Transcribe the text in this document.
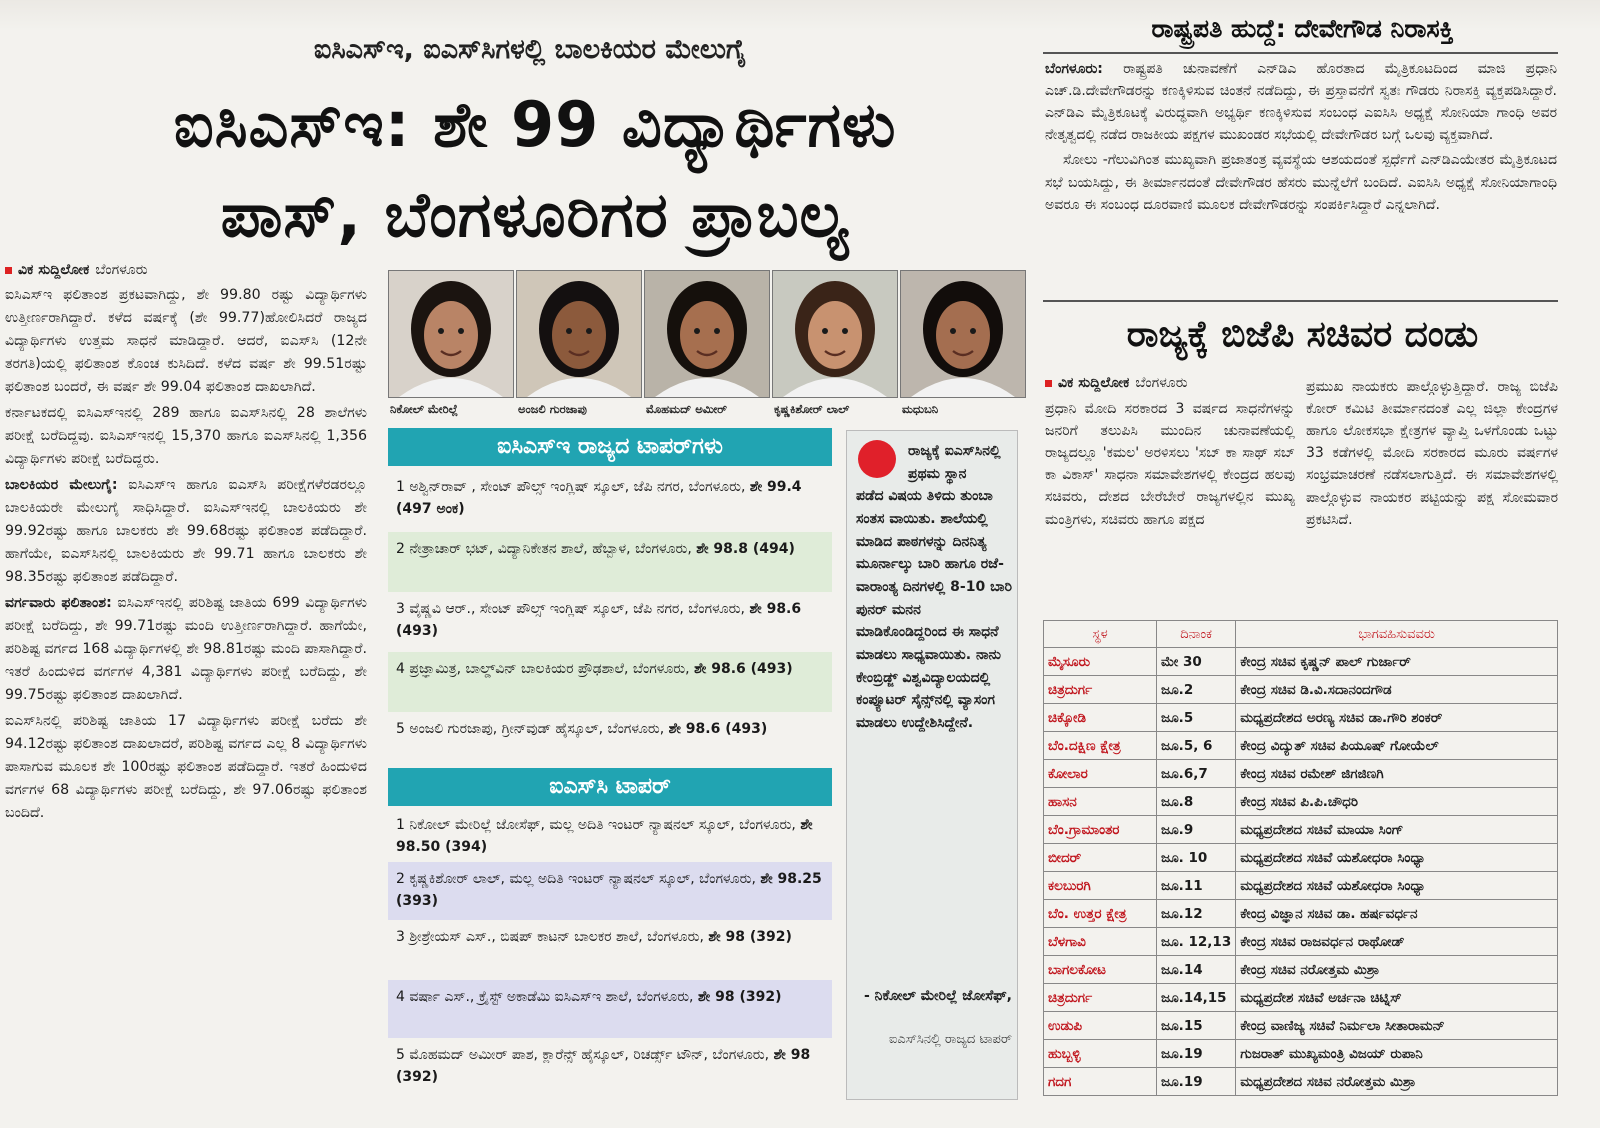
ಐಸಿಎಸ್‌ಇ, ಐಎಸ್‌ಸಿಗಳಲ್ಲಿ ಬಾಲಕಿಯರ ಮೇಲುಗೈ
ಐಸಿಎಸ್‌ಇ: ಶೇ 99 ವಿದ್ಯಾರ್ಥಿಗಳು
ಪಾಸ್, ಬೆಂಗಳೂರಿಗರ ಪ್ರಾಬಲ್ಯ
ವಿಕ ಸುದ್ದಿಲೋಕ ಬೆಂಗಳೂರು

ಐಸಿಎಸ್‌ಇ ಫಲಿತಾಂಶ ಪ್ರಕಟವಾಗಿದ್ದು, ಶೇ 99.80 ರಷ್ಟು ವಿದ್ಯಾರ್ಥಿಗಳು ಉತ್ತೀರ್ಣರಾಗಿದ್ದಾರೆ. ಕಳೆದ ವರ್ಷಕ್ಕೆ (ಶೇ 99.77)ಹೋಲಿಸಿದರೆ ರಾಜ್ಯದ ವಿದ್ಯಾರ್ಥಿಗಳು ಉತ್ತಮ ಸಾಧನೆ ಮಾಡಿದ್ದಾರೆ. ಆದರೆ, ಐಎಸ್‌ಸಿ (12ನೇ ತರಗತಿ)ಯಲ್ಲಿ ಫಲಿತಾಂಶ ಕೊಂಚ ಕುಸಿದಿದೆ. ಕಳೆದ ವರ್ಷ ಶೇ 99.51ರಷ್ಟು ಫಲಿತಾಂಶ ಬಂದರೆ, ಈ ವರ್ಷ ಶೇ 99.04 ಫಲಿತಾಂಶ ದಾಖಲಾಗಿದೆ.

ಕರ್ನಾಟಕದಲ್ಲಿ ಐಸಿಎಸ್‌ಇನಲ್ಲಿ 289 ಹಾಗೂ ಐಎಸ್‌ಸಿನಲ್ಲಿ 28 ಶಾಲೆಗಳು ಪರೀಕ್ಷೆ ಬರೆದಿದ್ದವು. ಐಸಿಎಸ್‌ಇನಲ್ಲಿ 15,370 ಹಾಗೂ ಐಎಸ್‌ಸಿನಲ್ಲಿ 1,356 ವಿದ್ಯಾರ್ಥಿಗಳು ಪರೀಕ್ಷೆ ಬರೆದಿದ್ದರು.

ಬಾಲಕಿಯರ ಮೇಲುಗೈ: ಐಸಿಎಸ್‌ಇ ಹಾಗೂ ಐಎಸ್‌ಸಿ ಪರೀಕ್ಷೆಗಳೆರಡರಲ್ಲೂ ಬಾಲಕಿಯರೇ ಮೇಲುಗೈ ಸಾಧಿಸಿದ್ದಾರೆ. ಐಸಿಎಸ್‌ಇನಲ್ಲಿ ಬಾಲಕಿಯರು ಶೇ 99.92ರಷ್ಟು ಹಾಗೂ ಬಾಲಕರು ಶೇ 99.68ರಷ್ಟು ಫಲಿತಾಂಶ ಪಡೆದಿದ್ದಾರೆ. ಹಾಗೆಯೇ, ಐಎಸ್‌ಸಿನಲ್ಲಿ ಬಾಲಕಿಯರು ಶೇ 99.71 ಹಾಗೂ ಬಾಲಕರು ಶೇ 98.35ರಷ್ಟು ಫಲಿತಾಂಶ ಪಡೆದಿದ್ದಾರೆ.

ವರ್ಗವಾರು ಫಲಿತಾಂಶ: ಐಸಿಎಸ್‌ಇನಲ್ಲಿ ಪರಿಶಿಷ್ಟ ಜಾತಿಯ 699 ವಿದ್ಯಾರ್ಥಿಗಳು ಪರೀಕ್ಷೆ ಬರೆದಿದ್ದು, ಶೇ 99.71ರಷ್ಟು ಮಂದಿ ಉತ್ತೀರ್ಣರಾಗಿದ್ದಾರೆ. ಹಾಗೆಯೇ, ಪರಿಶಿಷ್ಟ ವರ್ಗದ 168 ವಿದ್ಯಾರ್ಥಿಗಳಲ್ಲಿ ಶೇ 98.81ರಷ್ಟು ಮಂದಿ ಪಾಸಾಗಿದ್ದಾರೆ. ಇತರೆ ಹಿಂದುಳಿದ ವರ್ಗಗಳ 4,381 ವಿದ್ಯಾರ್ಥಿಗಳು ಪರೀಕ್ಷೆ ಬರೆದಿದ್ದು, ಶೇ 99.75ರಷ್ಟು ಫಲಿತಾಂಶ ದಾಖಲಾಗಿದೆ.

ಐಎಸ್‌ಸಿನಲ್ಲಿ ಪರಿಶಿಷ್ಟ ಜಾತಿಯ 17 ವಿದ್ಯಾರ್ಥಿಗಳು ಪರೀಕ್ಷೆ ಬರೆದು ಶೇ 94.12ರಷ್ಟು ಫಲಿತಾಂಶ ದಾಖಲಾದರೆ, ಪರಿಶಿಷ್ಟ ವರ್ಗದ ಎಲ್ಲ 8 ವಿದ್ಯಾರ್ಥಿಗಳು ಪಾಸಾಗುವ ಮೂಲಕ ಶೇ 100ರಷ್ಟು ಫಲಿತಾಂಶ ಪಡೆದಿದ್ದಾರೆ. ಇತರೆ ಹಿಂದುಳಿದ ವರ್ಗಗಳ 68 ವಿದ್ಯಾರ್ಥಿಗಳು ಪರೀಕ್ಷೆ ಬರೆದಿದ್ದು, ಶೇ 97.06ರಷ್ಟು ಫಲಿತಾಂಶ ಬಂದಿದೆ.

ನಿಕೋಲ್ ಮೇರಿಲ್ಲೆ	ಅಂಜಲಿ ಗುರಜಾಪು	ಮೊಹಮದ್ ಅಮೀರ್	ಕೃಷ್ಣಕಿಶೋರ್ ಲಾಲ್	ಮಧುಬನಿ
ಐಸಿಎಸ್‌ಇ ರಾಜ್ಯದ ಟಾಪರ್‌ಗಳು
1 ಅಶ್ವಿನ್‌ರಾವ್ , ಸೇಂಟ್ ಪೌಲ್ಸ್ ಇಂಗ್ಲಿಷ್ ಸ್ಕೂಲ್, ಜೆಪಿ ನಗರ, ಬೆಂಗಳೂರು, ಶೇ 99.4 (497 ಅಂಕ)
2 ನೇತ್ರಾಚಾರ್ ಭಟ್, ವಿದ್ಯಾನಿಕೇತನ ಶಾಲೆ, ಹೆಬ್ಬಾಳ, ಬೆಂಗಳೂರು, ಶೇ 98.8 (494)
3 ವೈಷ್ಣವಿ ಆರ್., ಸೇಂಟ್ ಪೌಲ್ಸ್ ಇಂಗ್ಲಿಷ್ ಸ್ಕೂಲ್, ಜೆಪಿ ನಗರ, ಬೆಂಗಳೂರು, ಶೇ 98.6 (493)
4 ಪ್ರಜ್ಞಾಮಿತ್ರ, ಬಾಲ್ಡ್‌ವಿನ್ ಬಾಲಕಿಯರ ಪ್ರೌಢಶಾಲೆ, ಬೆಂಗಳೂರು, ಶೇ 98.6 (493)
5 ಅಂಜಲಿ ಗುರಜಾಪು, ಗ್ರೀನ್‌ವುಡ್ ಹೈಸ್ಕೂಲ್, ಬೆಂಗಳೂರು, ಶೇ 98.6 (493)
ಐಎಸ್‌ಸಿ ಟಾಪರ್
1 ನಿಕೋಲ್ ಮೇರಿಲ್ಲೆ ಜೋಸೆಫ್, ಮಲ್ಲ ಅದಿತಿ ಇಂಟರ್ ನ್ಯಾಷನಲ್ ಸ್ಕೂಲ್, ಬೆಂಗಳೂರು, ಶೇ 98.50 (394)
2 ಕೃಷ್ಣಕಿಶೋರ್ ಲಾಲ್, ಮಲ್ಲ ಅದಿತಿ ಇಂಟರ್ ನ್ಯಾಷನಲ್ ಸ್ಕೂಲ್, ಬೆಂಗಳೂರು, ಶೇ 98.25 (393)
3 ಶ್ರೀಶ್ರೇಯಸ್ ಎಸ್., ಬಿಷಪ್ ಕಾಟನ್ ಬಾಲಕರ ಶಾಲೆ, ಬೆಂಗಳೂರು, ಶೇ 98 (392)
4 ವರ್ಷಾ ಎಸ್., ಕ್ರೈಸ್ಟ್ ಅಕಾಡೆಮಿ ಐಸಿಎಸ್‌ಇ ಶಾಲೆ, ಬೆಂಗಳೂರು, ಶೇ 98 (392)
5 ಮೊಹಮದ್ ಅಮೀರ್ ಪಾಶ, ಕ್ಲಾರೆನ್ಸ್ ಹೈಸ್ಕೂಲ್, ರಿಚರ್ಡ್ಸ್ ಟೌನ್, ಬೆಂಗಳೂರು, ಶೇ 98 (392)
ರಾಜ್ಯಕ್ಕೆ ಐಎಸ್‌ಸಿನಲ್ಲಿ ಪ್ರಥಮ ಸ್ಥಾನ
ಪಡೆದ ವಿಷಯ ತಿಳಿದು ತುಂಬಾ ಸಂತಸ ವಾಯಿತು. ಶಾಲೆಯಲ್ಲಿ ಮಾಡಿದ ಪಾಠಗಳನ್ನು ದಿನನಿತ್ಯ ಮೂರ್ನಾಲ್ಕು ಬಾರಿ ಹಾಗೂ ರಜೆ-ವಾರಾಂತ್ಯ ದಿನಗಳಲ್ಲಿ 8-10 ಬಾರಿ ಪುನರ್ ಮನನ ಮಾಡಿಕೊಂಡಿದ್ದರಿಂದ ಈ ಸಾಧನೆ ಮಾಡಲು ಸಾಧ್ಯವಾಯಿತು. ನಾನು ಕೇಂಬ್ರಿಡ್ಜ್ ವಿಶ್ವವಿದ್ಯಾಲಯದಲ್ಲಿ ಕಂಪ್ಯೂಟರ್ ಸೈನ್ಸ್‌ನಲ್ಲಿ ವ್ಯಾಸಂಗ ಮಾಡಲು ಉದ್ದೇಶಿಸಿದ್ದೇನೆ.
- ನಿಕೋಲ್ ಮೇರಿಲ್ಲೆ ಜೋಸೆಫ್,
ಐಎಸ್‌ಸಿನಲ್ಲಿ ರಾಜ್ಯದ ಟಾಪರ್
ರಾಷ್ಟ್ರಪತಿ ಹುದ್ದೆ: ದೇವೇಗೌಡ ನಿರಾಸಕ್ತಿ

ಬೆಂಗಳೂರು: ರಾಷ್ಟ್ರಪತಿ ಚುನಾವಣೆಗೆ ಎನ್‌ಡಿಎ ಹೊರತಾದ ಮೈತ್ರಿಕೂಟದಿಂದ ಮಾಜಿ ಪ್ರಧಾನಿ ಎಚ್.ಡಿ.ದೇವೇಗೌಡರನ್ನು ಕಣಕ್ಕಿಳಿಸುವ ಚಿಂತನೆ ನಡೆದಿದ್ದು, ಈ ಪ್ರಸ್ತಾವನೆಗೆ ಸ್ವತಃ ಗೌಡರು ನಿರಾಸಕ್ತಿ ವ್ಯಕ್ತಪಡಿಸಿದ್ದಾರೆ. ಎನ್‌ಡಿಎ ಮೈತ್ರಿಕೂಟಕ್ಕೆ ವಿರುದ್ಧವಾಗಿ ಅಭ್ಯರ್ಥಿ ಕಣಕ್ಕಿಳಿಸುವ ಸಂಬಂಧ ಎಐಸಿಸಿ ಅಧ್ಯಕ್ಷೆ ಸೋನಿಯಾ ಗಾಂಧಿ ಅವರ ನೇತೃತ್ವದಲ್ಲಿ ನಡೆದ ರಾಜಕೀಯ ಪಕ್ಷಗಳ ಮುಖಂಡರ ಸಭೆಯಲ್ಲಿ ದೇವೇಗೌಡರ ಬಗ್ಗೆ ಒಲವು ವ್ಯಕ್ತವಾಗಿದೆ.

ಸೋಲು -ಗೆಲುವಿಗಿಂತ ಮುಖ್ಯವಾಗಿ ಪ್ರಜಾತಂತ್ರ ವ್ಯವಸ್ಥೆಯ ಆಶಯದಂತೆ ಸ್ಪರ್ಧೆಗೆ ಎನ್‌ಡಿಎಯೇತರ ಮೈತ್ರಿಕೂಟದ ಸಭೆ ಬಯಸಿದ್ದು, ಈ ತೀರ್ಮಾನದಂತೆ ದೇವೇಗೌಡರ ಹೆಸರು ಮುನ್ನೆಲೆಗೆ ಬಂದಿದೆ. ಎಐಸಿಸಿ ಅಧ್ಯಕ್ಷೆ ಸೋನಿಯಾಗಾಂಧಿ ಅವರೂ ಈ ಸಂಬಂಧ ದೂರವಾಣಿ ಮೂಲಕ ದೇವೇಗೌಡರನ್ನು ಸಂಪರ್ಕಿಸಿದ್ದಾರೆ ಎನ್ನಲಾಗಿದೆ.

ರಾಜ್ಯಕ್ಕೆ ಬಿಜೆಪಿ ಸಚಿವರ ದಂಡು
ವಿಕ ಸುದ್ದಿಲೋಕ ಬೆಂಗಳೂರು
ಪ್ರಧಾನಿ ಮೋದಿ ಸರಕಾರದ 3 ವರ್ಷದ ಸಾಧನೆಗಳನ್ನು ಜನರಿಗೆ ತಲುಪಿಸಿ ಮುಂದಿನ ಚುನಾವಣೆಯಲ್ಲಿ ರಾಜ್ಯದಲ್ಲೂ 'ಕಮಲ' ಅರಳಿಸಲು 'ಸಬ್ ಕಾ ಸಾಥ್ ಸಬ್ ಕಾ ವಿಕಾಸ್' ಸಾಧನಾ ಸಮಾವೇಶಗಳಲ್ಲಿ ಕೇಂದ್ರದ ಹಲವು ಸಚಿವರು, ದೇಶದ ಬೇರೆಬೇರೆ ರಾಜ್ಯಗಳಲ್ಲಿನ ಮುಖ್ಯ ಮಂತ್ರಿಗಳು, ಸಚಿವರು ಹಾಗೂ ಪಕ್ಷದ
ಪ್ರಮುಖ ನಾಯಕರು ಪಾಲ್ಗೊಳ್ಳುತ್ತಿದ್ದಾರೆ. ರಾಜ್ಯ ಬಿಜೆಪಿ ಕೋರ್ ಕಮಿಟಿ ತೀರ್ಮಾನದಂತೆ ಎಲ್ಲ ಜಿಲ್ಲಾ ಕೇಂದ್ರಗಳ ಹಾಗೂ ಲೋಕಸಭಾ ಕ್ಷೇತ್ರಗಳ ವ್ಯಾಪ್ತಿ ಒಳಗೊಂಡು ಒಟ್ಟು 33 ಕಡೆಗಳಲ್ಲಿ ಮೋದಿ ಸರಕಾರದ ಮೂರು ವರ್ಷಗಳ ಸಂಭ್ರಮಾಚರಣೆ ನಡೆಸಲಾಗುತ್ತಿದೆ. ಈ ಸಮಾವೇಶಗಳಲ್ಲಿ ಪಾಲ್ಗೊಳ್ಳುವ ನಾಯಕರ ಪಟ್ಟಿಯನ್ನು ಪಕ್ಷ ಸೋಮವಾರ ಪ್ರಕಟಿಸಿದೆ.
ಸ್ಥಳ	ದಿನಾಂಕ	ಭಾಗವಹಿಸುವವರು
ಮೈಸೂರು	ಮೇ 30	ಕೇಂದ್ರ ಸಚಿವ ಕೃಷ್ಣನ್ ಪಾಲ್ ಗುರ್ಜಾರ್
ಚಿತ್ರದುರ್ಗ	ಜೂ.2	ಕೇಂದ್ರ ಸಚಿವ ಡಿ.ವಿ.ಸದಾನಂದಗೌಡ
ಚಿಕ್ಕೋಡಿ	ಜೂ.5	ಮಧ್ಯಪ್ರದೇಶದ ಅರಣ್ಯ ಸಚಿವ ಡಾ.ಗೌರಿ ಶಂಕರ್
ಬೆಂ.ದಕ್ಷಿಣ ಕ್ಷೇತ್ರ	ಜೂ.5, 6	ಕೇಂದ್ರ ವಿದ್ಯುತ್ ಸಚಿವ ಪಿಯೂಷ್ ಗೋಯೆಲ್
ಕೋಲಾರ	ಜೂ.6,7	ಕೇಂದ್ರ ಸಚಿವ ರಮೇಶ್ ಜಿಗಜಿಣಗಿ
ಹಾಸನ	ಜೂ.8	ಕೇಂದ್ರ ಸಚಿವ ಪಿ.ಪಿ.ಚೌಧರಿ
ಬೆಂ.ಗ್ರಾಮಾಂತರ	ಜೂ.9	ಮಧ್ಯಪ್ರದೇಶದ ಸಚಿವೆ ಮಾಯಾ ಸಿಂಗ್
ಬೀದರ್	ಜೂ. 10	ಮಧ್ಯಪ್ರದೇಶದ ಸಚಿವೆ ಯಶೋಧರಾ ಸಿಂಧ್ಯಾ
ಕಲಬುರಗಿ	ಜೂ.11	ಮಧ್ಯಪ್ರದೇಶದ ಸಚಿವೆ ಯಶೋಧರಾ ಸಿಂಧ್ಯಾ
ಬೆಂ. ಉತ್ತರ ಕ್ಷೇತ್ರ	ಜೂ.12	ಕೇಂದ್ರ ವಿಜ್ಞಾನ ಸಚಿವ ಡಾ. ಹರ್ಷವರ್ಧನ
ಬೆಳಗಾವಿ	ಜೂ. 12,13	ಕೇಂದ್ರ ಸಚಿವ ರಾಜವರ್ಧನ ರಾಥೋಡ್
ಬಾಗಲಕೋಟ	ಜೂ.14	ಕೇಂದ್ರ ಸಚಿವ ನರೋತ್ತಮ ಮಿಶ್ರಾ
ಚಿತ್ರದುರ್ಗ	ಜೂ.14,15	ಮಧ್ಯಪ್ರದೇಶ ಸಚಿವೆ ಅರ್ಚನಾ ಚಿಟ್ನಿಸ್
ಉಡುಪಿ	ಜೂ.15	ಕೇಂದ್ರ ವಾಣಿಜ್ಯ ಸಚಿವೆ ನಿರ್ಮಲಾ ಸೀತಾರಾಮನ್
ಹುಬ್ಬಳ್ಳಿ	ಜೂ.19	ಗುಜರಾತ್ ಮುಖ್ಯಮಂತ್ರಿ ವಿಜಯ್ ರುಪಾನಿ
ಗದಗ	ಜೂ.19	ಮಧ್ಯಪ್ರದೇಶದ ಸಚಿವ ನರೋತ್ತಮ ಮಿಶ್ರಾ
